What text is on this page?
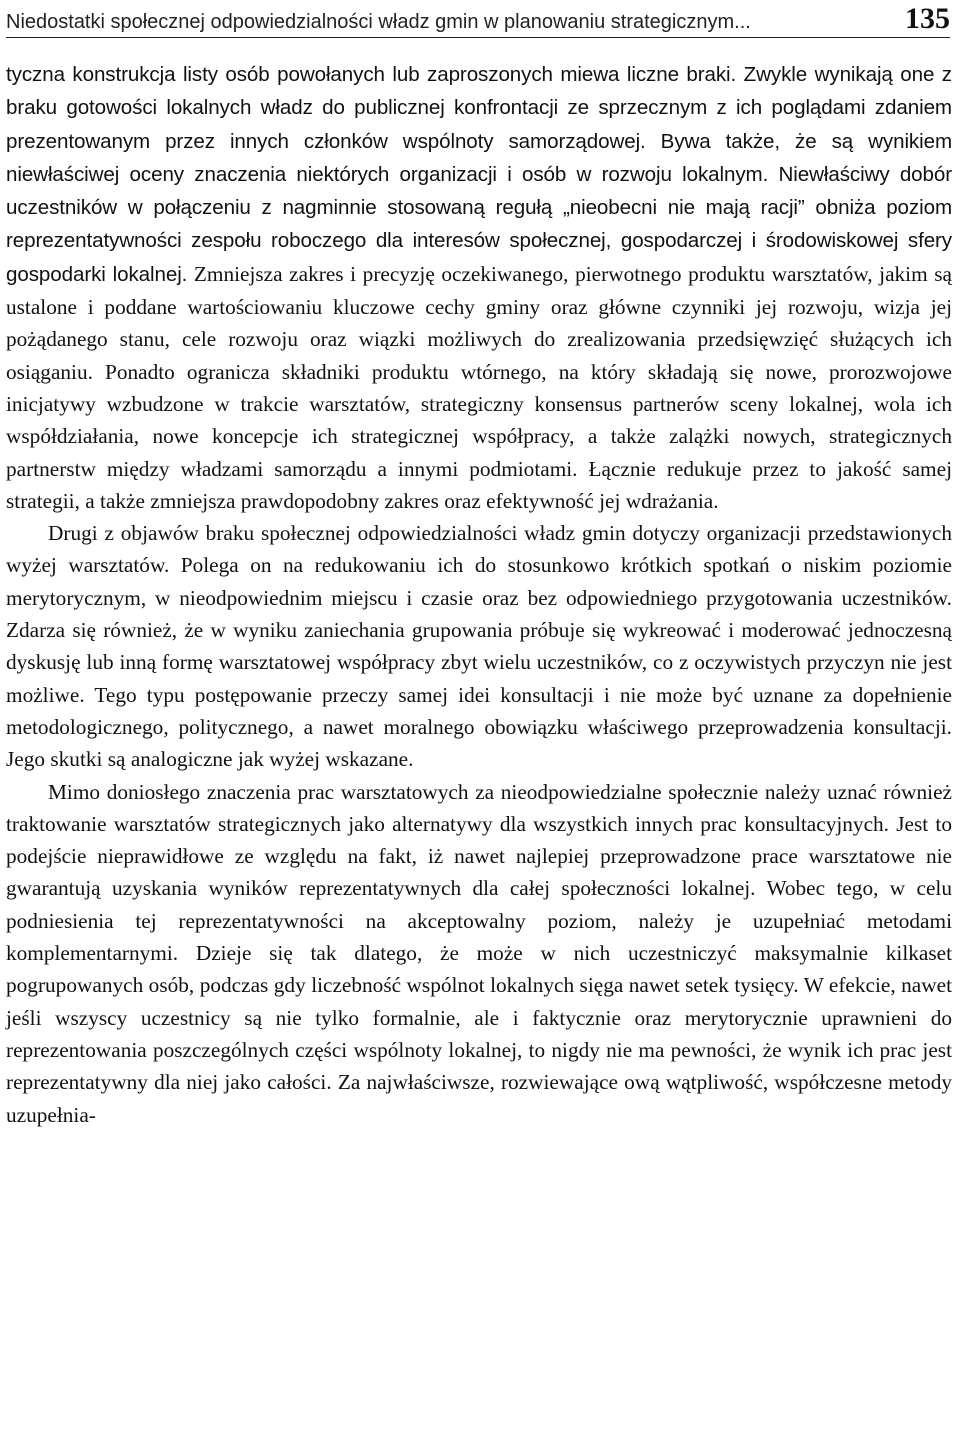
Niedostatki społecznej odpowiedzialności władz gmin w planowaniu strategicznym...	135

tyczna konstrukcja listy osób powołanych lub zaproszonych miewa liczne braki. Zwykle wynikają one z braku gotowości lokalnych władz do publicznej konfrontacji ze sprzecznym z ich poglądami zdaniem prezentowanym przez innych członków wspólnoty samorządowej. Bywa także, że są wynikiem niewłaściwej oceny znaczenia niektórych organizacji i osób w rozwoju lokalnym. Niewłaściwy dobór uczestników w połączeniu z nagminnie stosowaną regułą „nieobecni nie mają racji” obniża poziom reprezentatywności zespołu roboczego dla interesów społecznej, gospodarczej i środowiskowej sfery gospodarki lokalnej. Zmniejsza zakres i precyzję oczekiwanego, pierwotnego produktu warsztatów, jakim są ustalone i poddane wartościowaniu kluczowe cechy gminy oraz główne czynniki jej rozwoju, wizja jej pożądanego stanu, cele rozwoju oraz wiązki możliwych do zrealizowania przedsięwzięć służących ich osiąganiu. Ponadto ogranicza składniki produktu wtórnego, na który składają się nowe, prorozwojowe inicjatywy wzbudzone w trakcie warsztatów, strategiczny konsensus partnerów sceny lokalnej, wola ich współdziałania, nowe koncepcje ich strategicznej współpracy, a także zalążki nowych, strategicznych partnerstw między władzami samorządu a innymi podmiotami. Łącznie redukuje przez to jakość samej strategii, a także zmniejsza prawdopodobny zakres oraz efektywność jej wdrażania.

Drugi z objawów braku społecznej odpowiedzialności władz gmin dotyczy organizacji przedstawionych wyżej warsztatów. Polega on na redukowaniu ich do stosunkowo krótkich spotkań o niskim poziomie merytorycznym, w nieodpowiednim miejscu i czasie oraz bez odpowiedniego przygotowania uczestników. Zdarza się również, że w wyniku zaniechania grupowania próbuje się wykreować i moderować jednoczesną dyskusję lub inną formę warsztatowej współpracy zbyt wielu uczestników, co z oczywistych przyczyn nie jest możliwe. Tego typu postępowanie przeczy samej idei konsultacji i nie może być uznane za dopełnienie metodologicznego, politycznego, a nawet moralnego obowiązku właściwego przeprowadzenia konsultacji. Jego skutki są analogiczne jak wyżej wskazane.

Mimo doniosłego znaczenia prac warsztatowych za nieodpowiedzialne społecznie należy uznać również traktowanie warsztatów strategicznych jako alternatywy dla wszystkich innych prac konsultacyjnych. Jest to podejście nieprawidłowe ze względu na fakt, iż nawet najlepiej przeprowadzone prace warsztatowe nie gwarantują uzyskania wyników reprezentatywnych dla całej społeczności lokalnej. Wobec tego, w celu podniesienia tej reprezentatywności na akceptowalny poziom, należy je uzupełniać metodami komplementarnymi. Dzieje się tak dlatego, że może w nich uczestniczyć maksymalnie kilkaset pogrupowanych osób, podczas gdy liczebność wspólnot lokalnych sięga nawet setek tysięcy. W efekcie, nawet jeśli wszyscy uczestnicy są nie tylko formalnie, ale i faktycznie oraz merytorycznie uprawnieni do reprezentowania poszczególnych części wspólnoty lokalnej, to nigdy nie ma pewności, że wynik ich prac jest reprezentatywny dla niej jako całości. Za najwłaściwsze, rozwiewające ową wątpliwość, współczesne metody uzupełnia-
